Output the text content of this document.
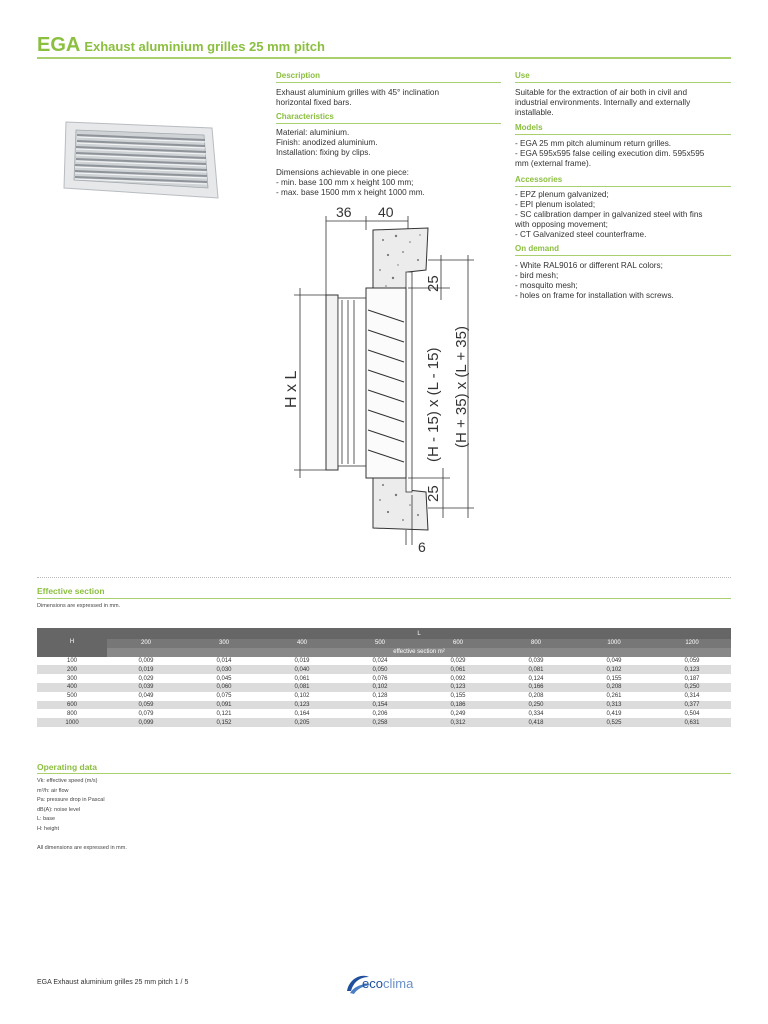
EGA Exhaust aluminium grilles 25 mm pitch
Description
Exhaust aluminium grilles with 45° inclination
horizontal fixed bars.
Characteristics
Material: aluminium.
Finish: anodized aluminium.
Installation: fixing by clips.

Dimensions achievable in one piece:
- min. base 100 mm x height 100 mm;
- max. base 1500 mm x height 1000 mm.
Use
Suitable for the extraction of air both in civil and
industrial environments. Internally and externally
installable.
Models
- EGA 25 mm pitch aluminum return grilles.
- EGA 595x595 false ceiling execution dim. 595x595
mm (external frame).
Accessories
- EPZ plenum galvanized;
- EPI plenum isolated;
- SC calibration damper in galvanized steel with fins
with opposing movement;
- CT Galvanized steel counterframe.
On demand
- White RAL9016 or different RAL colors;
- bird mesh;
- mosquito mesh;
- holes on frame for installation with screws.
36 40
H x L
25
(H - 15) x (L - 15) (H + 35) x (L + 35)
25
6
Effective section
Dimensions are expressed in mm.
H	L							
	200	300	400	500	600	800	1000	1200
	effective section m²							
100	0,009	0,014	0,019	0,024	0,029	0,039	0,049	0,059
200	0,019	0,030	0,040	0,050	0,061	0,081	0,102	0,123
300	0,029	0,045	0,061	0,076	0,092	0,124	0,155	0,187
400	0,039	0,060	0,081	0,102	0,123	0,166	0,208	0,250
500	0,049	0,075	0,102	0,128	0,155	0,208	0,261	0,314
600	0,059	0,091	0,123	0,154	0,186	0,250	0,313	0,377
800	0,079	0,121	0,164	0,206	0,249	0,334	0,419	0,504
1000	0,099	0,152	0,205	0,258	0,312	0,418	0,525	0,631
Operating data
Vk: effective speed (m/s)
m³/h: air flow
Pa: pressure drop in Pascal
dB(A): noise level
L: base
H: height
All dimensions are expressed in mm.
EGA Exhaust aluminium grilles 25 mm pitch 1 / 5	ecoclima
